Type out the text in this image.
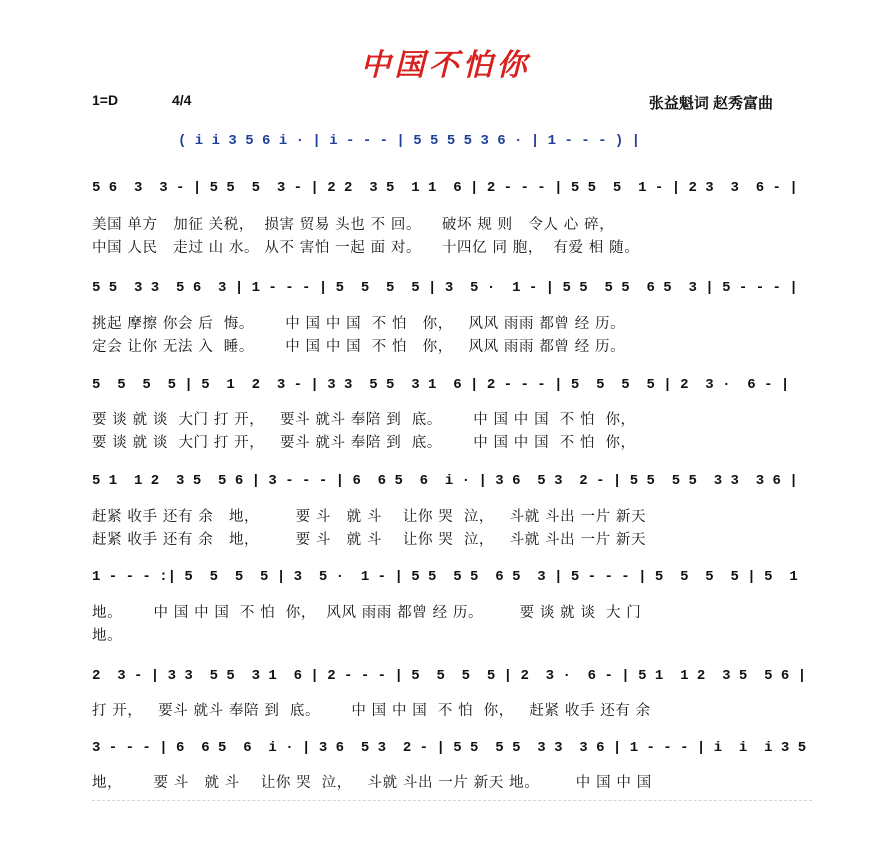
中国不怕你
1=D	4/4	张益魁词 赵秀富曲
( i i 3 5 6 i · | i - - - | 5 5 5 5 3 6 · | 1 - - - ) |
5 6  3  3 - | 5 5  5  3 - | 2 2  3 5  1 1  6 | 2 - - - | 5 5  5  1 - | 2 3  3  6 - |
美国 单方   加征 关税，  损害 贸易 头也 不 回。    破坏 规 则   令人 心 碎，
中国 人民   走过 山 水。 从不 害怕 一起 面 对。    十四亿 同 胞，  有爱 相 随。
5 5  3 3  5 6  3 | 1 - - - | 5  5  5  5 | 3  5 ·  1 - | 5 5  5 5  6 5  3 | 5 - - - |
挑起 摩擦 你会 后  悔。      中 国 中 国  不 怕   你，   风风 雨雨 都曾 经 历。
定会 让你 无法 入  睡。      中 国 中 国  不 怕   你，   风风 雨雨 都曾 经 历。
5  5  5  5 | 5  1  2  3 - | 3 3  5 5  3 1  6 | 2 - - - | 5  5  5  5 | 2  3 ·  6 - |
要 谈 就 谈  大门 打 开，   要斗 就斗 奉陪 到  底。      中 国 中 国  不 怕  你，
要 谈 就 谈  大门 打 开，   要斗 就斗 奉陪 到  底。      中 国 中 国  不 怕  你，
5 1  1 2  3 5  5 6 | 3 - - - | 6  6 5  6  i · | 3 6  5 3  2 - | 5 5  5 5  3 3  3 6 |
赶紧 收手 还有 余   地，       要 斗   就 斗    让你 哭  泣，   斗就 斗出 一片 新天
赶紧 收手 还有 余   地，       要 斗   就 斗    让你 哭  泣，   斗就 斗出 一片 新天
1 - - - :| 5  5  5  5 | 3  5 ·  1 - | 5 5  5 5  6 5  3 | 5 - - - | 5  5  5  5 | 5  1
地。      中 国 中 国  不 怕  你，  风风 雨雨 都曾 经 历。       要 谈 就 谈  大 门
地。
2  3 - | 3 3  5 5  3 1  6 | 2 - - - | 5  5  5  5 | 2  3 ·  6 - | 5 1  1 2  3 5  5 6 |
打 开，   要斗 就斗 奉陪 到  底。      中 国 中 国  不 怕  你，   赶紧 收手 还有 余
3 - - - | 6  6 5  6  i · | 3 6  5 3  2 - | 5 5  5 5  3 3  3 6 | 1 - - - | i  i  i 3 5
地，      要 斗   就 斗    让你 哭  泣，   斗就 斗出 一片 新天 地。       中 国 中 国
